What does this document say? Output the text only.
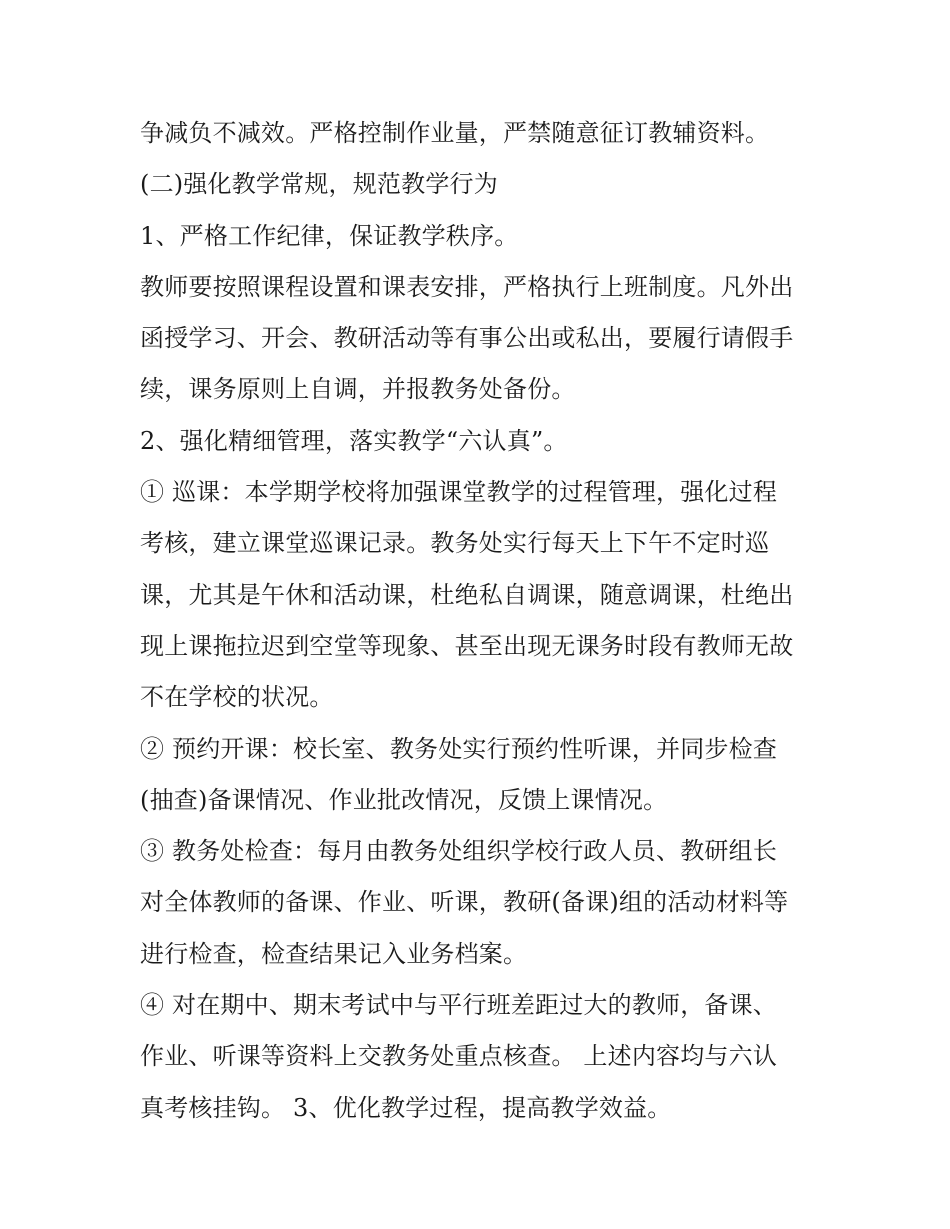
争减负不减效。严格控制作业量，严禁随意征订教辅资料。
(二)强化教学常规，规范教学行为
1、严格工作纪律，保证教学秩序。
教师要按照课程设置和课表安排，严格执行上班制度。凡外出
函授学习、开会、教研活动等有事公出或私出，要履行请假手
续，课务原则上自调，并报教务处备份。
2、强化精细管理，落实教学“六认真”。
① 巡课：本学期学校将加强课堂教学的过程管理，强化过程
考核，建立课堂巡课记录。教务处实行每天上下午不定时巡
课，尤其是午休和活动课，杜绝私自调课，随意调课，杜绝出
现上课拖拉迟到空堂等现象、甚至出现无课务时段有教师无故
不在学校的状况。
② 预约开课：校长室、教务处实行预约性听课，并同步检查
(抽查)备课情况、作业批改情况，反馈上课情况。
③ 教务处检查：每月由教务处组织学校行政人员、教研组长
对全体教师的备课、作业、听课，教研(备课)组的活动材料等
进行检查，检查结果记入业务档案。
④ 对在期中、期末考试中与平行班差距过大的教师，备课、
作业、听课等资料上交教务处重点核查。 上述内容均与六认
真考核挂钩。 3、优化教学过程，提高教学效益。
